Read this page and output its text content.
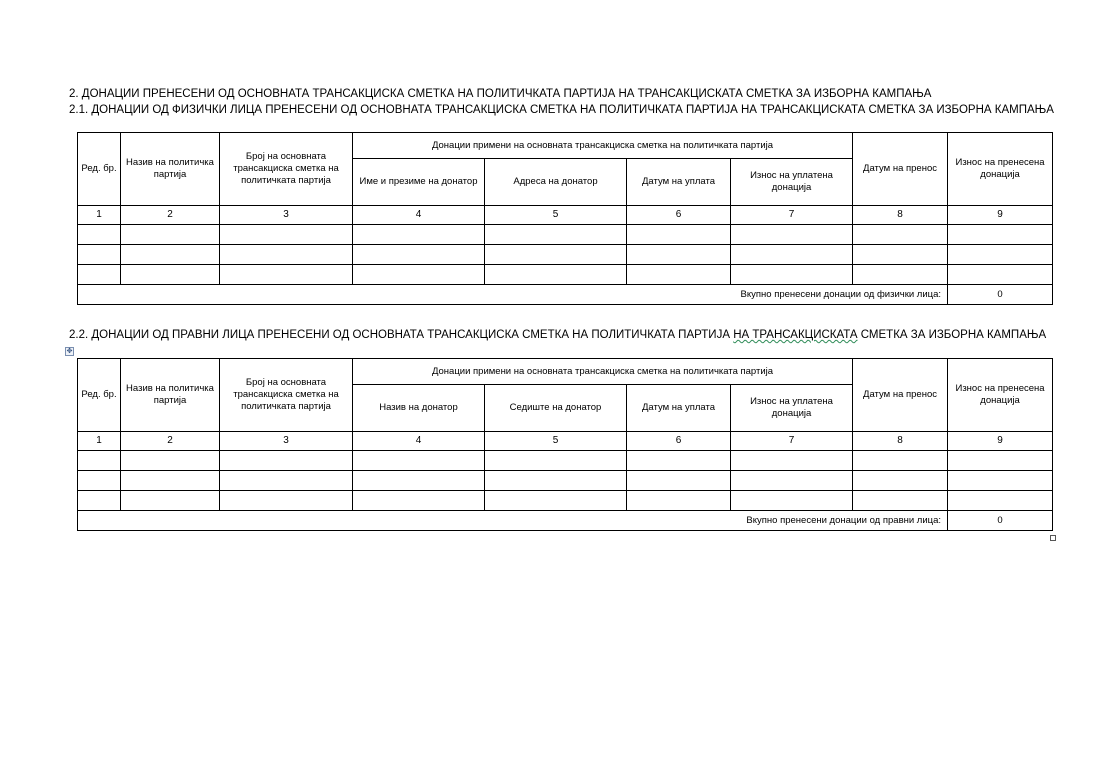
2. ДОНАЦИИ ПРЕНЕСЕНИ ОД ОСНОВНАТА ТРАНСАКЦИСКА СМЕТКА НА ПОЛИТИЧКАТА ПАРТИЈА НА ТРАНСАКЦИСКАТА СМЕТКА ЗА ИЗБОРНА КАМПАЊА
2.1. ДОНАЦИИ ОД ФИЗИЧКИ ЛИЦА ПРЕНЕСЕНИ ОД ОСНОВНАТА ТРАНСАКЦИСКА СМЕТКА НА ПОЛИТИЧКАТА ПАРТИЈА НА ТРАНСАКЦИСКАТА СМЕТКА ЗА ИЗБОРНА КАМПАЊА
Ред. бр.	Назив на политичка партија	Број на основната трансакциска сметка на политичката партија	Донации примени на основната трансакциска сметка на политичката партија				Датум на пренос	Износ на пренесена донација
			Име и презиме на донатор	Адреса на донатор	Датум на уплата	Износ на уплатена донација		
1	2	3	4	5	6	7	8	9

Вкупно пренесени донации од физички лица:								0
2.2. ДОНАЦИИ ОД ПРАВНИ ЛИЦА ПРЕНЕСЕНИ ОД ОСНОВНАТА ТРАНСАКЦИСКА СМЕТКА НА ПОЛИТИЧКАТА ПАРТИЈА НА ТРАНСАКЦИСКАТА СМЕТКА ЗА ИЗБОРНА КАМПАЊА
✥
Ред. бр.	Назив на политичка партија	Број на основната трансакциска сметка на политичката партија	Донации примени на основната трансакциска сметка на политичката партија				Датум на пренос	Износ на пренесена донација
			Назив на донатор	Седиште на донатор	Датум на уплата	Износ на уплатена донација		
1	2	3	4	5	6	7	8	9

Вкупно пренесени донации од правни лица:								0
